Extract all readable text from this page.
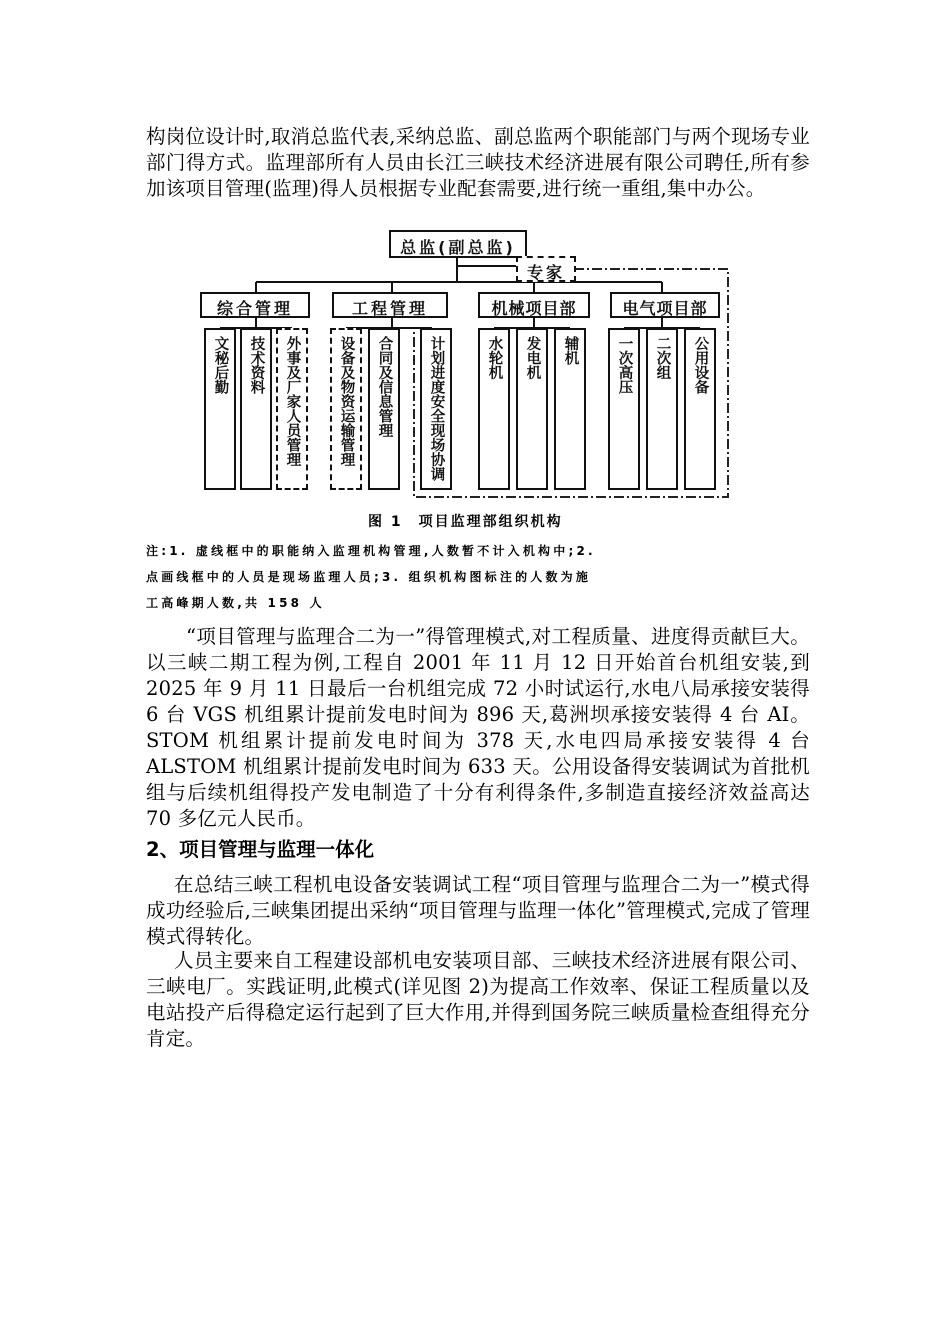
构岗位设计时,取消总监代表,采纳总监、副总监两个职能部门与两个现场专业部门得方式。监理部所有人员由长江三峡技术经济进展有限公司聘任,所有参加该项目管理(监理)得人员根据专业配套需要,进行统一重组,集中办公。

总监(副总监)
专家
综合管理	工程管理	机械项目部	电气项目部
文秘后勤 技术资料 外事及厂家人员管理	设备及物资运输管理 合同及信息管理 计划进度安全现场协调	水轮机 发电机 辅机	一次高压 二次组 公用设备
图 1　项目监理部组织机构
注:1. 虚线框中的职能纳入监理机构管理,人数暂不计入机构中;2.
点画线框中的人员是现场监理人员;3. 组织机构图标注的人数为施
工高峰期人数,共 158 人

“项目管理与监理合二为一”得管理模式,对工程质量、进度得贡献巨大。以三峡二期工程为例,工程自 2001 年 11 月 12 日开始首台机组安装,到 2025 年 9 月 11 日最后一台机组完成 72 小时试运行,水电八局承接安装得 6 台 VGS 机组累计提前发电时间为 896 天,葛洲坝承接安装得 4 台 AI。STOM 机组累计提前发电时间为 378 天,水电四局承接安装得 4 台 ALSTOM 机组累计提前发电时间为 633 天。公用设备得安装调试为首批机组与后续机组得投产发电制造了十分有利得条件,多制造直接经济效益高达 70 多亿元人民币。

2、项目管理与监理一体化

在总结三峡工程机电设备安装调试工程“项目管理与监理合二为一”模式得成功经验后,三峡集团提出采纳“项目管理与监理一体化”管理模式,完成了管理模式得转化。

人员主要来自工程建设部机电安装项目部、三峡技术经济进展有限公司、三峡电厂。实践证明,此模式(详见图 2)为提高工作效率、保证工程质量以及电站投产后得稳定运行起到了巨大作用,并得到国务院三峡质量检查组得充分肯定。
